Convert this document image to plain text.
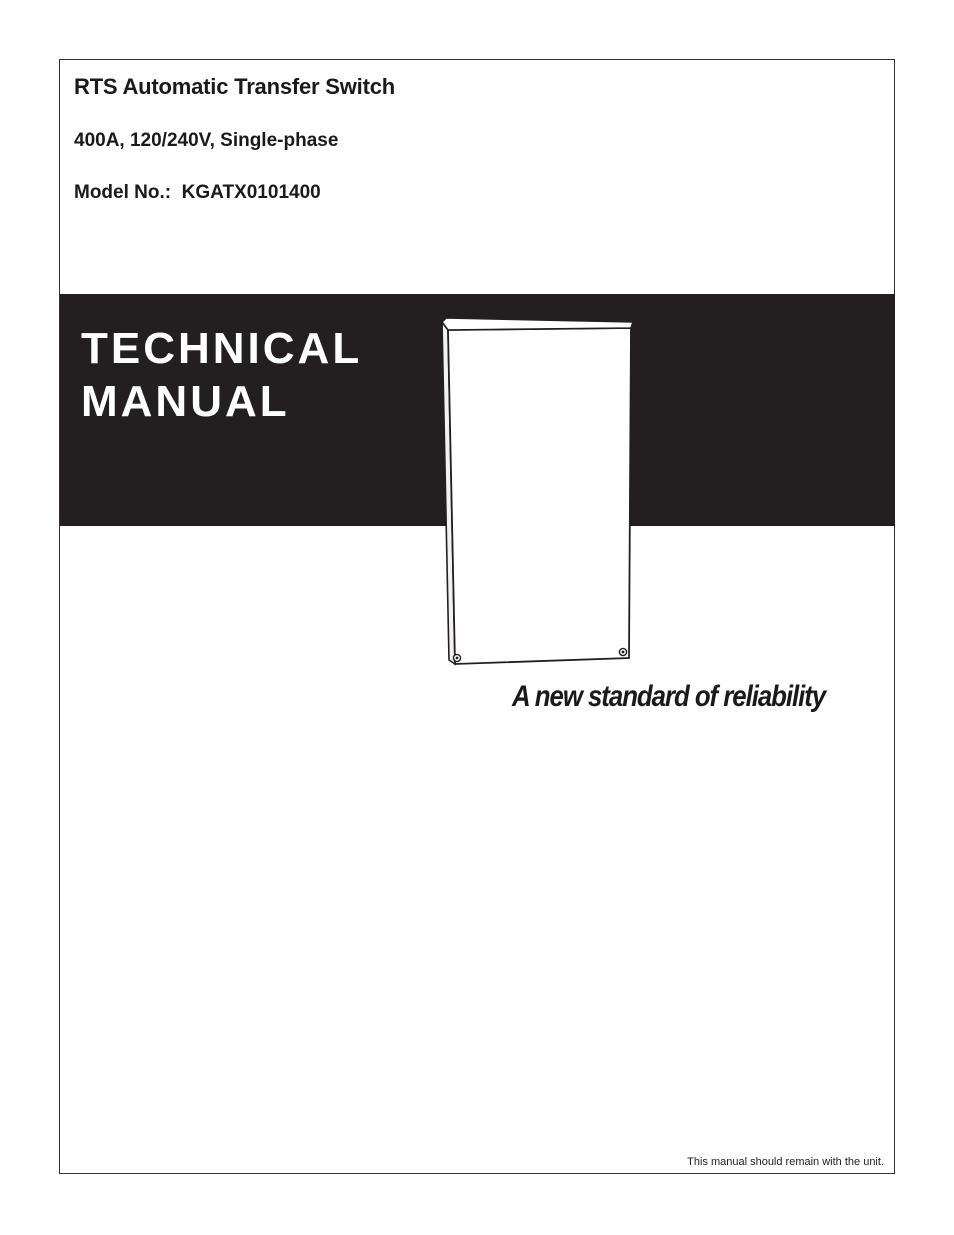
RTS Automatic Transfer Switch
400A, 120/240V, Single-phase
Model No.:  KGATX0101400
TECHNICAL
MANUAL
A new standard of reliability
This manual should remain with the unit.
